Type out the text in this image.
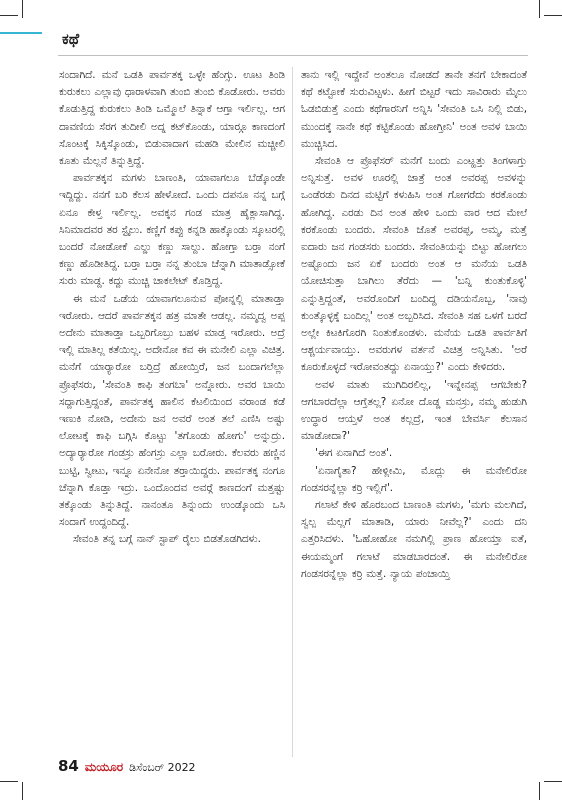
ಕಥೆ

ಸಂದಾಗಿದೆ. ಮನೆ ಒಡತಿ ಪಾರ್ವತಕ್ಕ ಒಳ್ಳೇ ಹೆಂಗ್ಸು. ಊಟ ತಿಂಡಿ ಕುರುಕಲು ಎಲ್ಲಾವು ಧಾರಾಳವಾಗಿ ತುಂಬಿ ತುಂಬಿ ಕೊಡೋರು. ಅವರು ಕೊಡುತ್ತಿದ್ದ ಕುರುಕಲು ತಿಂಡಿ ಒಮ್ಮೊಲೆ ತಿನ್ನಾಕೆ ಆಗ್ತಾ ಇರ್ಲಿಲ್ಲ. ಆಗ ದಾವಣಿಯ ಸೆರಗ ತುದೀಲಿ ಅದ್ನ ಕಟ್‌ಕೊಂಡು, ಯಾರ್‍ಗೂ ಕಾಣದಂಗೆ ಸೊಂಟಕ್ಕೆ ಸಿಕ್ಕಿಸ್ಕೊಂಡು, ಬಿಡುವಾದಾಗ ಮಹಡಿ ಮೇಲಿನ ಮಚ್ಚೀಲಿ ಕೂತು ಮೆಲ್ಲನೆ ತಿನ್ನುತ್ತಿದ್ದೆ.

ಪಾರ್ವತಕ್ಕನ ಮಗಳು ಬಾಣಂತಿ, ಯಾವಾಗಲೂ ಬೆಡ್ಕೊಂಡೇ ಇದ್ದಿದ್ದು. ನನಗೆ ಬರಿ ಕೆಲಸ ಹೇಳೋದೆ. ಒಂದು ದಪನೂ ನನ್ನ ಬಗ್ಗೆ ಏನೂ ಕೇಳ್ತ ಇರ್ಲಿಲ್ಲ. ಅವಕ್ಕನ ಗಂಡ ಮಾತ್ರ ಹೈಕ್ಲಾಸಾಗಿದ್ದ. ಸಿನಿಮಾದವರ ತರ ಸ್ಟೈಲು. ಕಣ್ಣಿಗೆ ಕಪ್ಪು ಕನ್ನಡಿ ಹಾಕ್ಕೊಂಡು ಸ್ಕೂಟರಲ್ಲಿ ಬಂದರೆ ನೋಡೋಕೆ ಎಲ್ಡು ಕಣ್ಣು ಸಾಲ್ದು. ಹೋಗ್ತಾ ಬರ್‍ತಾ ನಂಗೆ ಕಣ್ಣು ಹೊಡೀತಿದ್ದ. ಬರ್‍ತಾ ಬರ್‍ತಾ ನನ್ನ ತುಂಬಾ ಚೆನ್ನಾಗಿ ಮಾತಾಡ್ಸೋಕೆ ಸುರು ಮಾಡ್ದ. ಕದ್ದು ಮುಚ್ಚಿ ಚಾಕಲೇಟ್ ಕೊಡ್ತಿದ್ದ.

ಈ ಮನೆ ಒಡೆಯ ಯಾವಾಗಲೂನುವ ಪೋನ್ನಲ್ಲಿ ಮಾತಾಡ್ತಾ ಇರೋರು. ಆದರೆ ಪಾರ್ವತಕ್ಕನ ಹತ್ರ ಮಾತೇ ಆಡಲ್ಲ. ನಮ್ಮದ್ವ ಅಪ್ಪ ಅದೇನು ಮಾತಾಡ್ತಾ ಒಬ್ಬರಿಗೊಬ್ರು ಬಹಳ ಮಾಡ್ತ ಇರೋರು. ಅದ್ರೆ ಇಲ್ಲಿ ಮಾತಿಲ್ಲ ಕತೆಯಿಲ್ಲ. ಅದೇನೋ ಕವ ಈ ಮನೇಲಿ ಎಲ್ಲಾ ವಿಚಿತ್ರ. ಮನೆಗೆ ಯಾರ್‍ಯಾರೋ ಬರ್‍ತಿದ್ರೆ ಹೋಯ್ತಿರೆ, ಜನ ಬಂದಾಗಲೆಲ್ಲಾ ಪ್ರೊಫೆಸರು, 'ಸೇವಂತಿ ಕಾಫಿ ತಂಗಬಾ' ಅನ್ನೋರು. ಅವರ ಬಾಯಿ ಸದ್ದಾಗುತ್ತಿದ್ದಂತೆ, ಪಾರ್ವತಕ್ಕ ಹಾಲಿನ ಕೆಟಲಿಯಿಂದ ವರಾಂಡ ಕಡೆ ಇಣುಕಿ ನೋಡಿ, ಅದೇನು ಜನ ಅವರೆ ಅಂತ ತಲೆ ಎಣಿಸಿ ಅಷ್ಟು ಲೋಟಕ್ಕೆ ಕಾಫಿ ಬಗ್ಗಿಸಿ ಕೊಟ್ಟು 'ತಗೊಂಡು ಹೋಗು' ಅನ್ನುದ್ರು. ಅದ್ಯಾರ್‍ಯಾರೋ ಗಂಡಸ್ರು ಹೆಂಗಸ್ರು ಎಲ್ಲಾ ಬರೋರು. ಕೆಲವರು ಹಣ್ಣಿನ ಬುಟ್ಟಿ, ಸ್ವೀಟು, ಇನ್ನೂ ಏನೇನೋ ತರ್‍ತಾಯಿದ್ದರು. ಪಾರ್ವತಕ್ಕ ನಂಗೂ ಚೆನ್ನಾಗಿ ಕೊಡ್ತಾ ಇದ್ರು. ಒಂದೊಂದವ ಅವರ್‍ಗೆ ಕಾಣದಂಗೆ ಮತ್ತಷ್ಟು ತಕ್ಕೊಂಡು ತಿನ್ನುತಿದ್ದೆ. ನಾನಂತೂ ತಿನ್ನುಂದು ಉಂಡ್ಕೊಂದು ಒಸಿ ಸಂದಾಗೆ ಉದ್ದಂದಿದ್ದೆ.

ಸೇವಂತಿ ತನ್ನ ಬಗ್ಗೆ ನಾನ್ ಸ್ಟಾಪ್ ರೈಲು ಬಿಡತೊಡಗಿದಳು.

ತಾನು ಇಲ್ಲಿ ಇದ್ದೇನೆ ಅಂತಲೂ ನೋಡದೆ ತಾನೇ ತನಗೆ ಬೇಕಾದಂತೆ ಕಥೆ ಕಟ್ಟೋಕೆ ಸುರುವಿಟ್ಟಳು. ಹೀಗೆ ಬಿಟ್ಟರೆ ಇದು ಸಾವಿರಾರು ಮೈಲು ಓಡಬಿಡುತ್ತೆ ಎಂದು ಕಥೆಗಾರನಿಗೆ ಅನ್ನಿಸಿ 'ಸೇವಂತಿ ಒಸಿ ನಿಲ್ಲಿ ಬಿಡು, ಮುಂದಕ್ಕೆ ನಾನೇ ಕಥೆ ಕಟ್ಟಿಕೊಂಡು ಹೋಗ್ತೀನಿ' ಅಂತ ಅವಳ ಬಾಯಿ ಮುಚ್ಚಿಸಿದ.

ಸೇವಂತಿ ಆ ಪ್ರೊಫೆಸರ್ ಮನೆಗೆ ಬಂದು ಎಂಟ್ಹತ್ತು ತಿಂಗಳಾಗ್ತು ಅನ್ನಿಸುತ್ತೆ. ಅವಳ ಊರಲ್ಲಿ ಜಾತ್ರೆ ಅಂತ ಅವರಪ್ಪ ಅವಳನ್ನು ಒಂಡೆರಡು ದಿನದ ಮಟ್ಟಿಗೆ ಕಳುಹಿಸಿ ಅಂತ ಗೋಗರೆದು ಕರಕೊಂಡು ಹೋಗಿದ್ದ. ಎರಡು ದಿನ ಅಂತ ಹೇಳಿ ಒಂದು ವಾರ ಆದ ಮೇಲೆ ಕರಕೊಂಡು ಬಂದರು. ಸೇವಂತಿ ಜೊತೆ ಅವರಪ್ಪ, ಅಮ್ಮ, ಮತ್ತೆ ಐದಾರು ಜನ ಗಂಡಸರು ಬಂದರು. ಸೇವಂತಿಯನ್ನು ಬಿಟ್ಟು ಹೋಗಲು ಅಷ್ಟೊಂದು ಜನ ಏಕೆ ಬಂದರು ಅಂತ ಆ ಮನೆಯ ಒಡತಿ ಯೋಚಿಸುತ್ತಾ ಬಾಗಿಲು ತೆರೆದು — 'ಬನ್ನಿ ಕುಂತುಕೊಳ್ಳಿ' ಎನ್ನುತ್ತಿದ್ದಂತೆ, ಅವರೊಂದಿಗೆ ಬಂದಿದ್ದ ದಡಿಯನೊಬ್ಬ, 'ನಾವು ಕುಂತ್ಕೊಳ್ಳಕ್ಕೆ ಬಂದಿಲ್ಲ' ಅಂತ ಅಬ್ಬರಿಸಿದ. ಸೇವಂತಿ ಸಹ ಒಳಗೆ ಬರದೆ ಅಲ್ಲೇ ಕಿಟಕಿಗೊರಗಿ ನಿಂತುಕೊಂಡಳು. ಮನೆಯ ಒಡತಿ ಪಾರ್ವತಿಗೆ ಆಶ್ಚರ್ಯವಾಯ್ತು. ಅವರುಗಳ ವರ್ತನೆ ವಿಚಿತ್ರ ಅನ್ನಿಸಿತು. 'ಅರೆ ಕೂರುಕೊಳ್ಳದೆ ಇರೋವಂತದ್ದು ಏನಾಯ್ತು?' ಎಂದು ಕೇಳಿದರು.

ಅವಳ ಮಾತು ಮುಗಿದಿರಲಿಲ್ಲ, 'ಇನ್ನೇನಪ್ಪ ಆಗಬೇಕು? ಆಗಬಾರದೆಲ್ಲಾ ಆಗ್ತೆತಲ್ಲ? ಏನೋ ದೊಡ್ಡ ಮನಸ್ರು, ನಮ್ಮ ಹುಡುಗಿ ಉದ್ಧಾರ ಆಯ್ತಳೆ ಅಂತ ಕಲ್ಲದ್ರೆ, ಇಂತ ಬೇವರ್ಸಿ ಕೆಲಸಾನ ಮಾಡೋದಾ?'

'ಈಗ ಏನಾಗಿದೆ ಅಂತ'.

'ಏನಾಗೈತಾ? ಹೇಳ್ಲೀಮಿ, ಮೊದ್ಲು ಈ ಮನೇಲಿರೋ ಗಂಡಸರನ್ನೆಲ್ಲಾ ಕರ್‍ರಿ ಇಲ್ಲಿಗೆ'.

ಗಲಾಟೆ ಕೇಳಿ ಹೊರಬಂದ ಬಾಣಂತಿ ಮಗಳು, 'ಮಗು ಮಲಗಿದೆ, ಸ್ವಲ್ಪ ಮೆಲ್ಲಗೆ ಮಾತಾಡಿ, ಯಾರು ನೀವೆಲ್ಲ?' ಎಂದು ದನಿ ಎತ್ತರಿಸಿದಳು. 'ಓಹೋಹೋ ನಮಗಿಲ್ಲಿ ಪ್ರಾಣ ಹೋಯ್ತಾ ಐತೆ, ಈಯಮ್ಮಂಗೆ ಗಲಾಟೆ ಮಾಡಬಾರದಂತೆ. ಈ ಮನೇಲಿರೋ ಗಂಡಸರನ್ನೆಲ್ಲಾ ಕರ್‍ರಿ ಮತ್ತೆ. ನ್ಯಾಯ ಪಂಚಾಯ್ತಿ

84 ಮಯೂರ ಡಿಸೆಂಬರ್ 2022
